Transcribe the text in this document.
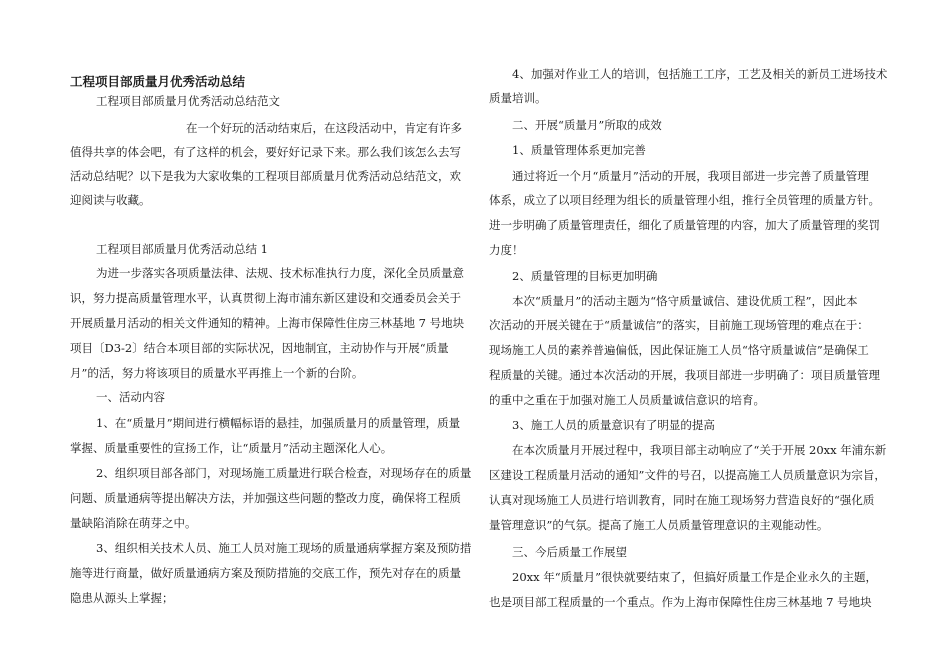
工程项目部质量月优秀活动总结
工程项目部质量月优秀活动总结范文
在一个好玩的活动结束后，在这段活动中，肯定有许多
值得共享的体会吧，有了这样的机会，要好好记录下来。那么我们该怎么去写
活动总结呢？以下是我为大家收集的工程项目部质量月优秀活动总结范文，欢
迎阅读与收藏。
工程项目部质量月优秀活动总结 1
为进一步落实各项质量法律、法规、技术标准执行力度，深化全员质量意
识，努力提高质量管理水平，认真贯彻上海市浦东新区建设和交通委员会关于
开展质量月活动的相关文件通知的精神。上海市保障性住房三林基地 7 号地块
项目〔D3-2〕结合本项目部的实际状况，因地制宜，主动协作与开展“质量
月”的活，努力将该项目的质量水平再推上一个新的台阶。
一、活动内容
1、在“质量月”期间进行横幅标语的悬挂，加强质量月的质量管理，质量
掌握、质量重要性的宣扬工作，让“质量月”活动主题深化人心。
2、组织项目部各部门，对现场施工质量进行联合检查，对现场存在的质量
问题、质量通病等提出解决方法，并加强这些问题的整改力度，确保将工程质
量缺陷消除在萌芽之中。
3、组织相关技术人员、施工人员对施工现场的质量通病掌握方案及预防措
施等进行商量，做好质量通病方案及预防措施的交底工作，预先对存在的质量
隐患从源头上掌握；
4、加强对作业工人的培训，包括施工工序，工艺及相关的新员工进场技术
质量培训。
二、开展“质量月”所取的成效
1、质量管理体系更加完善
通过将近一个月“质量月”活动的开展，我项目部进一步完善了质量管理
体系，成立了以项目经理为组长的质量管理小组，推行全员管理的质量方针。
进一步明确了质量管理责任，细化了质量管理的内容，加大了质量管理的奖罚
力度！
2、质量管理的目标更加明确
本次“质量月”的活动主题为“恪守质量诚信、建设优质工程”，因此本
次活动的开展关键在于“质量诚信”的落实，目前施工现场管理的难点在于：
现场施工人员的素养普遍偏低，因此保证施工人员“恪守质量诚信”是确保工
程质量的关键。通过本次活动的开展，我项目部进一步明确了：项目质量管理
的重中之重在于加强对施工人员质量诚信意识的培育。
3、施工人员的质量意识有了明显的提高
在本次质量月开展过程中，我项目部主动响应了“关于开展 20xx 年浦东新
区建设工程质量月活动的通知”文件的号召，以提高施工人员质量意识为宗旨，
认真对现场施工人员进行培训教育，同时在施工现场努力营造良好的“强化质
量管理意识”的气氛。提高了施工人员质量管理意识的主观能动性。
三、今后质量工作展望
20xx 年“质量月”很快就要结束了，但搞好质量工作是企业永久的主题，
也是项目部工程质量的一个重点。作为上海市保障性住房三林基地 7 号地块
